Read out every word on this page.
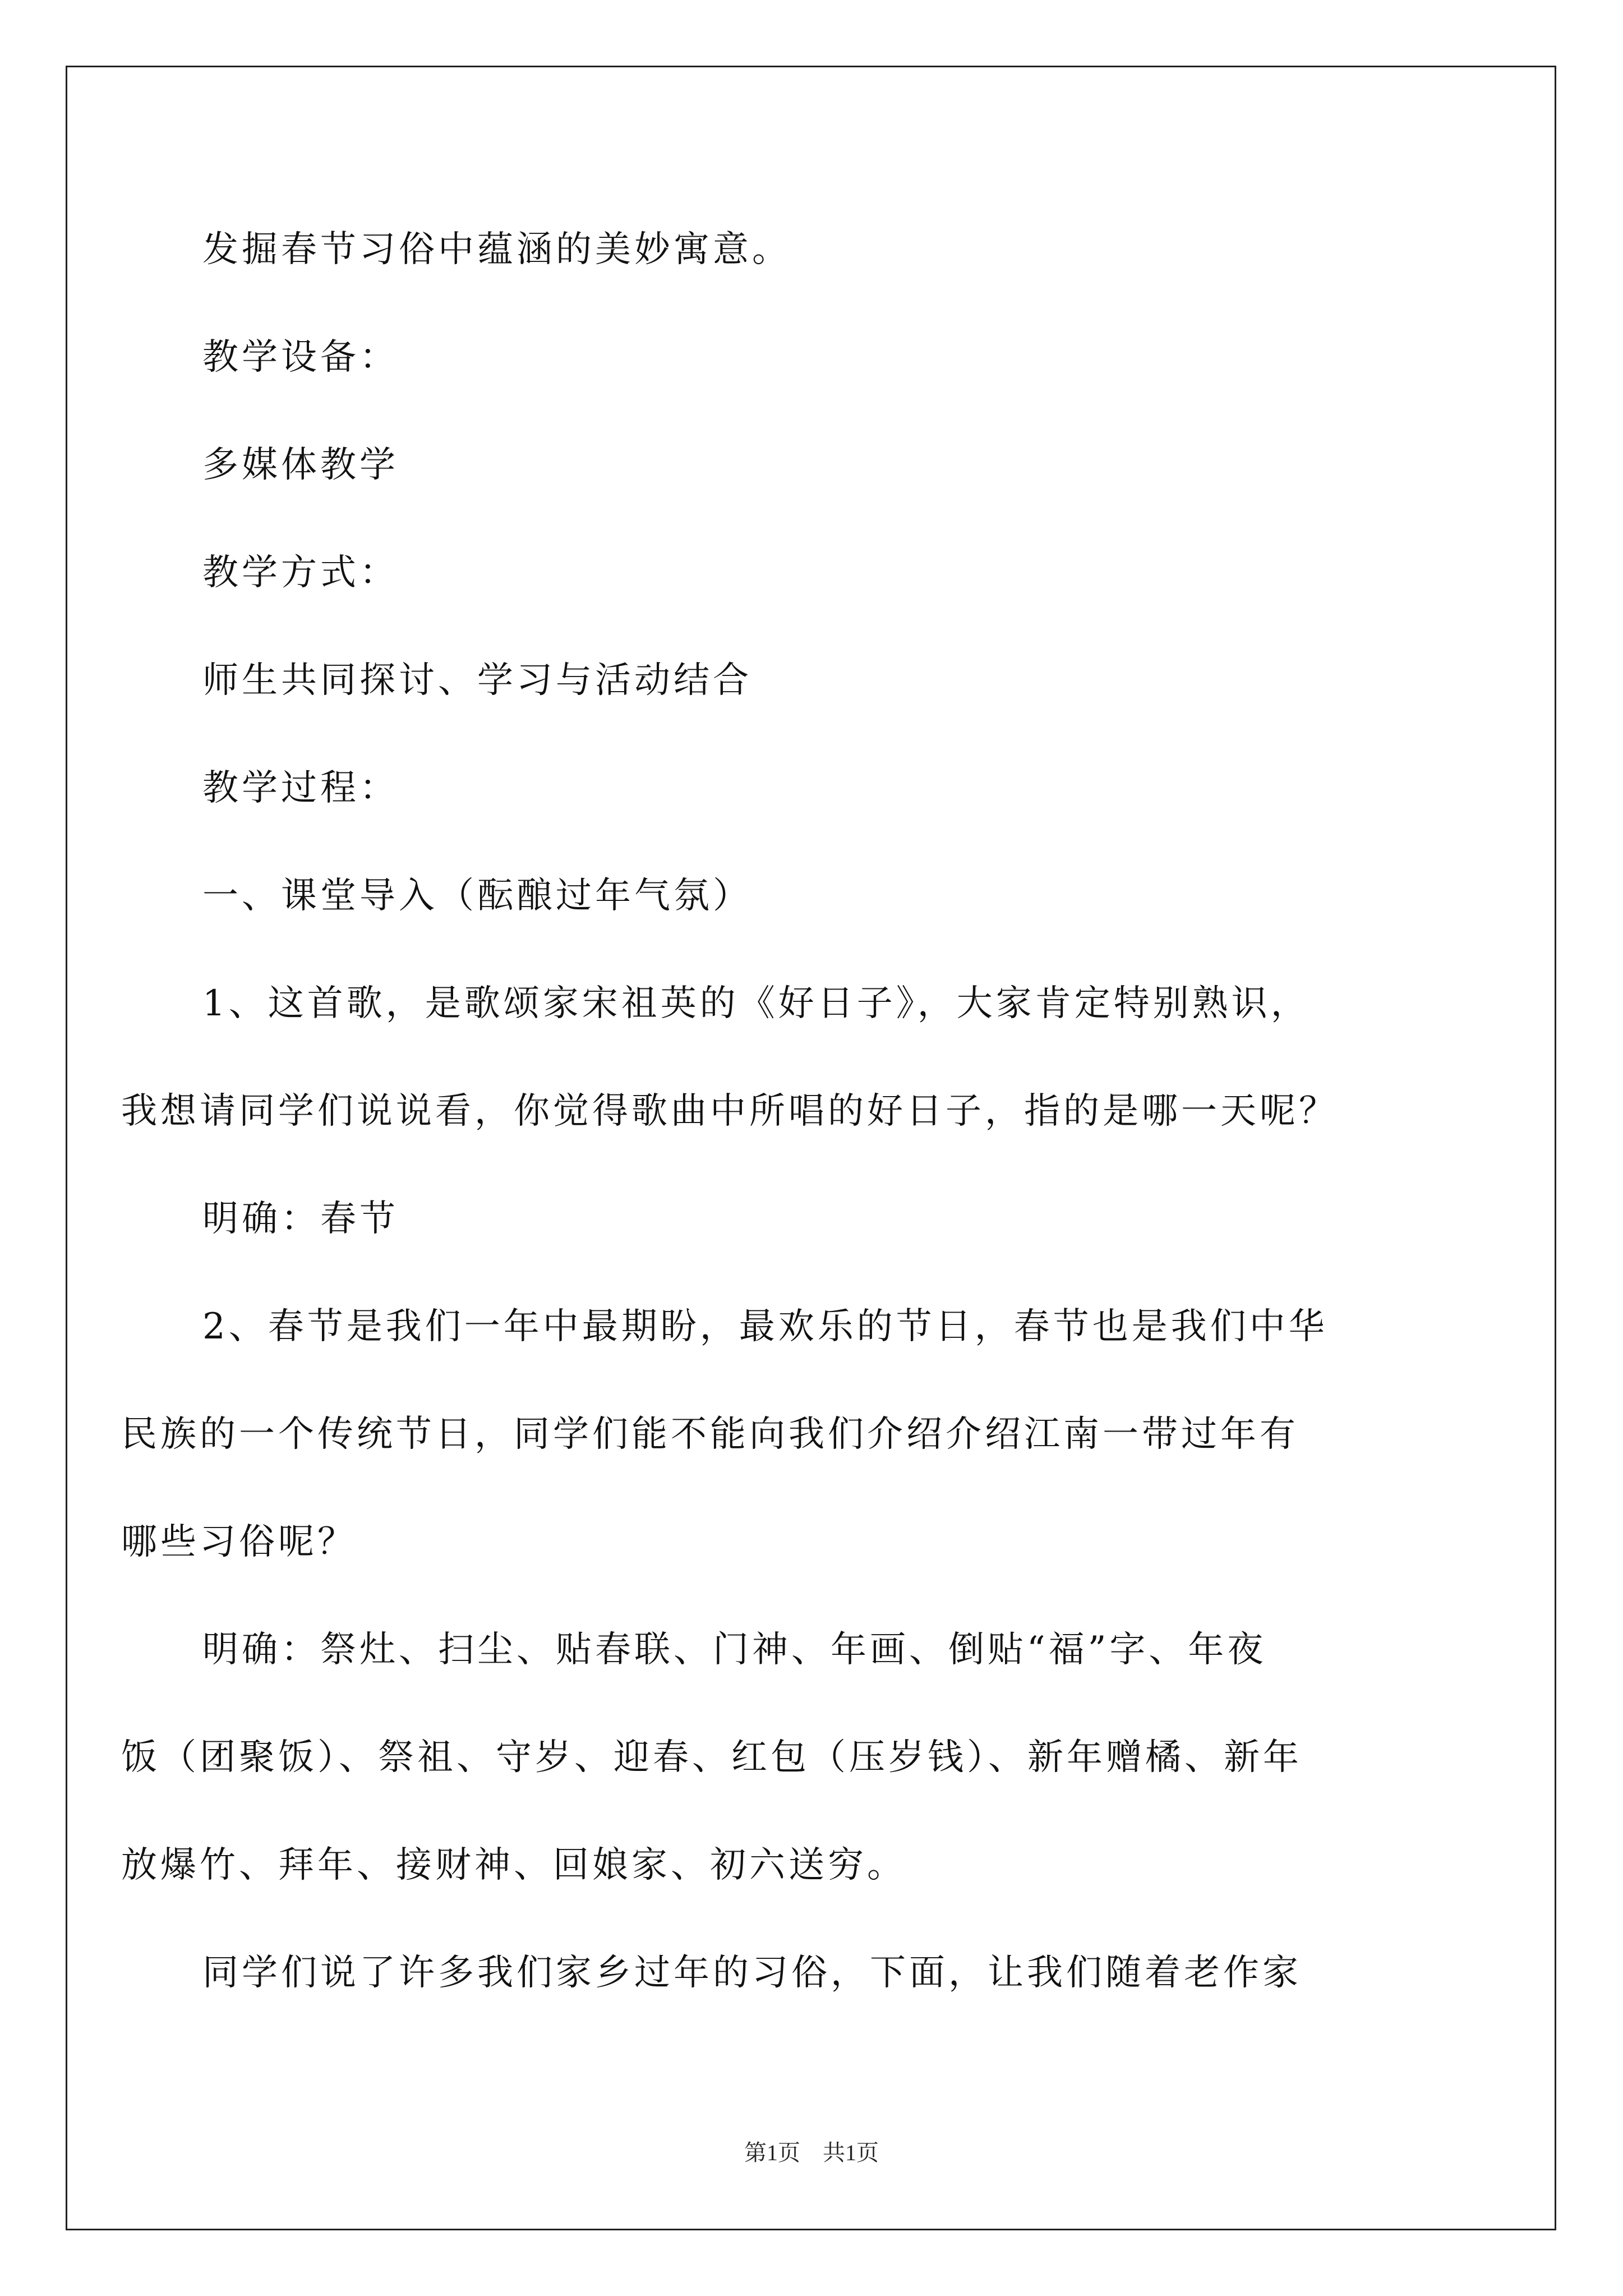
发掘春节习俗中蕴涵的美妙寓意。
教学设备：
多媒体教学
教学方式：
师生共同探讨、学习与活动结合
教学过程：
一、课堂导入（酝酿过年气氛）
1、这首歌，是歌颂家宋祖英的《好日子》，大家肯定特别熟识，
我想请同学们说说看，你觉得歌曲中所唱的好日子，指的是哪一天呢？
明确：春节
2、春节是我们一年中最期盼，最欢乐的节日，春节也是我们中华
民族的一个传统节日，同学们能不能向我们介绍介绍江南一带过年有
哪些习俗呢？
明确：祭灶、扫尘、贴春联、门神、年画、倒贴“福”字、年夜
饭（团聚饭）、祭祖、守岁、迎春、红包（压岁钱）、新年赠橘、新年
放爆竹、拜年、接财神、回娘家、初六送穷。
同学们说了许多我们家乡过年的习俗，下面，让我们随着老作家
第1页　共1页
